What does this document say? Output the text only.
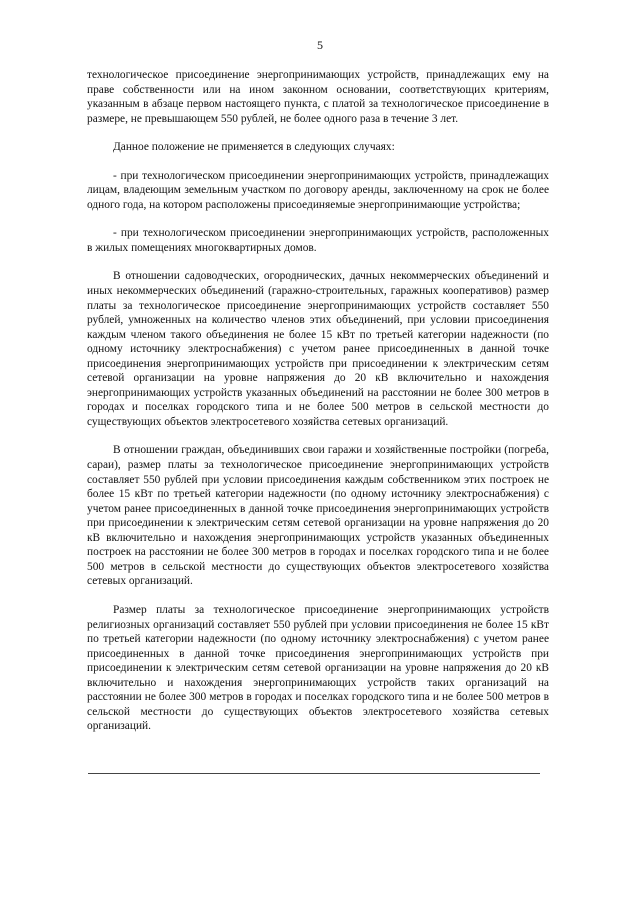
5

технологическое присоединение энергопринимающих устройств, принадлежащих ему на праве собственности или на ином законном основании, соответствующих критериям, указанным в абзаце первом настоящего пункта, с платой за технологическое присоединение в размере, не превышающем 550 рублей, не более одного раза в течение 3 лет.

Данное положение не применяется в следующих случаях:

- при технологическом присоединении энергопринимающих устройств, принадлежащих лицам, владеющим земельным участком по договору аренды, заключенному на срок не более одного года, на котором расположены присоединяемые энергопринимающие устройства;

- при технологическом присоединении энергопринимающих устройств, расположенных в жилых помещениях многоквартирных домов.

В отношении садоводческих, огороднических, дачных некоммерческих объединений и иных некоммерческих объединений (гаражно-строительных, гаражных кооперативов) размер платы за технологическое присоединение энергопринимающих устройств составляет 550 рублей, умноженных на количество членов этих объединений, при условии присоединения каждым членом такого объединения не более 15 кВт по третьей категории надежности (по одному источнику электроснабжения) с учетом ранее присоединенных в данной точке присоединения энергопринимающих устройств при присоединении к электрическим сетям сетевой организации на уровне напряжения до 20 кВ включительно и нахождения энергопринимающих устройств указанных объединений на расстоянии не более 300 метров в городах и поселках городского типа и не более 500 метров в сельской местности до существующих объектов электросетевого хозяйства сетевых организаций.

В отношении граждан, объединивших свои гаражи и хозяйственные постройки (погреба, сараи), размер платы за технологическое присоединение энергопринимающих устройств составляет 550 рублей при условии присоединения каждым собственником этих построек не более 15 кВт по третьей категории надежности (по одному источнику электроснабжения) с учетом ранее присоединенных в данной точке присоединения энергопринимающих устройств при присоединении к электрическим сетям сетевой организации на уровне напряжения до 20 кВ включительно и нахождения энергопринимающих устройств указанных объединенных построек на расстоянии не более 300 метров в городах и поселках городского типа и не более 500 метров в сельской местности до существующих объектов электросетевого хозяйства сетевых организаций.

Размер платы за технологическое присоединение энергопринимающих устройств религиозных организаций составляет 550 рублей при условии присоединения не более 15 кВт по третьей категории надежности (по одному источнику электроснабжения) с учетом ранее присоединенных в данной точке присоединения энергопринимающих устройств при присоединении к электрическим сетям сетевой организации на уровне напряжения до 20 кВ включительно и нахождения энергопринимающих устройств таких организаций на расстоянии не более 300 метров в городах и поселках городского типа и не более 500 метров в сельской местности до существующих объектов электросетевого хозяйства сетевых организаций.
